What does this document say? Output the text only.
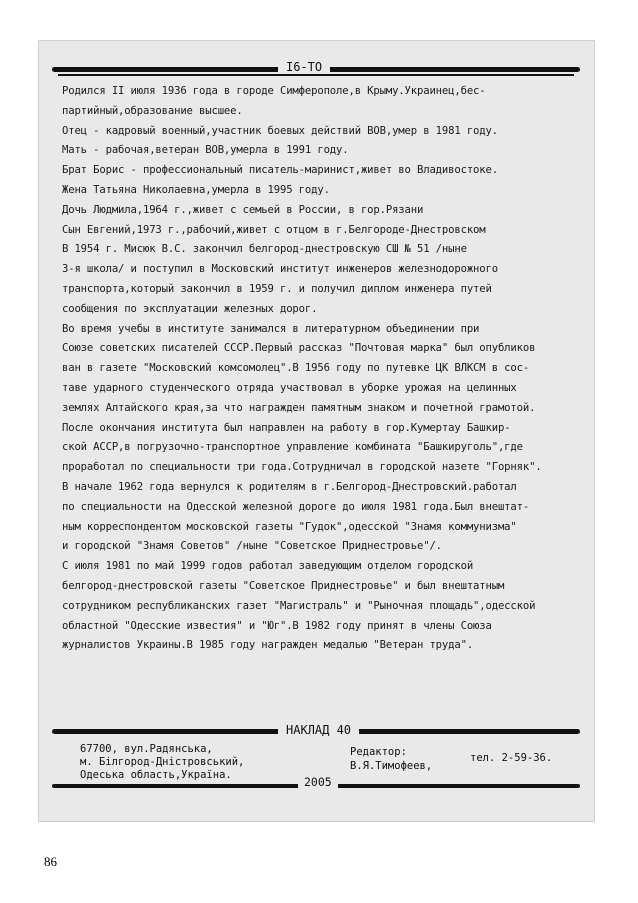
I6-TO
Родился II июля 1936 года в городе Симферополе,в Крыму.Украинец,бес-
партийный,образование высшее.
Отец - кадровый военный,участник боевых действий ВОВ,умер в 1981 году.
Мать - рабочая,ветеран ВОВ,умерла в 1991 году.
Брат Борис - профессиональный писатель-маринист,живет во Владивостоке.
Жена Татьяна Николаевна,умерла в 1995 году.
Дочь Людмила,1964 г.,живет с семьей в России, в гор.Рязани
Сын Евгений,1973 г.,рабочий,живет с отцом в г.Белгороде-Днестровском
В 1954 г. Мисюк В.С. закончил белгород-днестровскую СШ № 51 /ныне
3-я школа/ и поступил в Московский институт инженеров железнодорожного
транспорта,который закончил в 1959 г. и получил диплом инженера путей
сообщения по эксплуатации железных дорог.
Во время учебы в институте занимался в литературном объединении при
Союзе советских писателей СССР.Первый рассказ "Почтовая марка" был опубликов
ван в газете "Московский комсомолец".В 1956 году по путевке ЦК ВЛКСМ в сос-
таве ударного студенческого отряда участвовал в уборке урожая на целинных
землях Алтайского края,за что награжден памятным знаком и почетной грамотой.
После окончания института был направлен на работу в гор.Кумертау Башкир-
ской АССР,в погрузочно-транспортное управление комбината "Башкируголь",где
проработал по специальности три года.Сотрудничал в городской назете "Горняк".
В начале 1962 года вернулся к родителям в г.Белгород-Днестровский.работал
по специальности на Одесской железной дороге до июля 1981 года.Был внештат-
ным корреспондентом московской газеты "Гудок",одесской "Знамя коммунизма"
и городской "Знамя Советов" /ныне "Советское Приднестровье"/.
С июля 1981 по май 1999 годов работал заведующим отделом городской
белгород-днестровской газеты "Советское Приднестровье" и был внештатным
сотрудником республиканских газет "Магистраль" и "Рыночная площадь",одесской
областной "Одесские известия" и "Юг".В 1982 году принят в члены Союза
журналистов Украины.В 1985 году награжден медалью "Ветеран труда".
НАКЛАД 40
67700, вул.Радянська,
м. Білгород-Дністровський,
Одеська область,Україна.
Редактор:
В.Я.Тимофеев,
тел. 2-59-36.
2005
86
